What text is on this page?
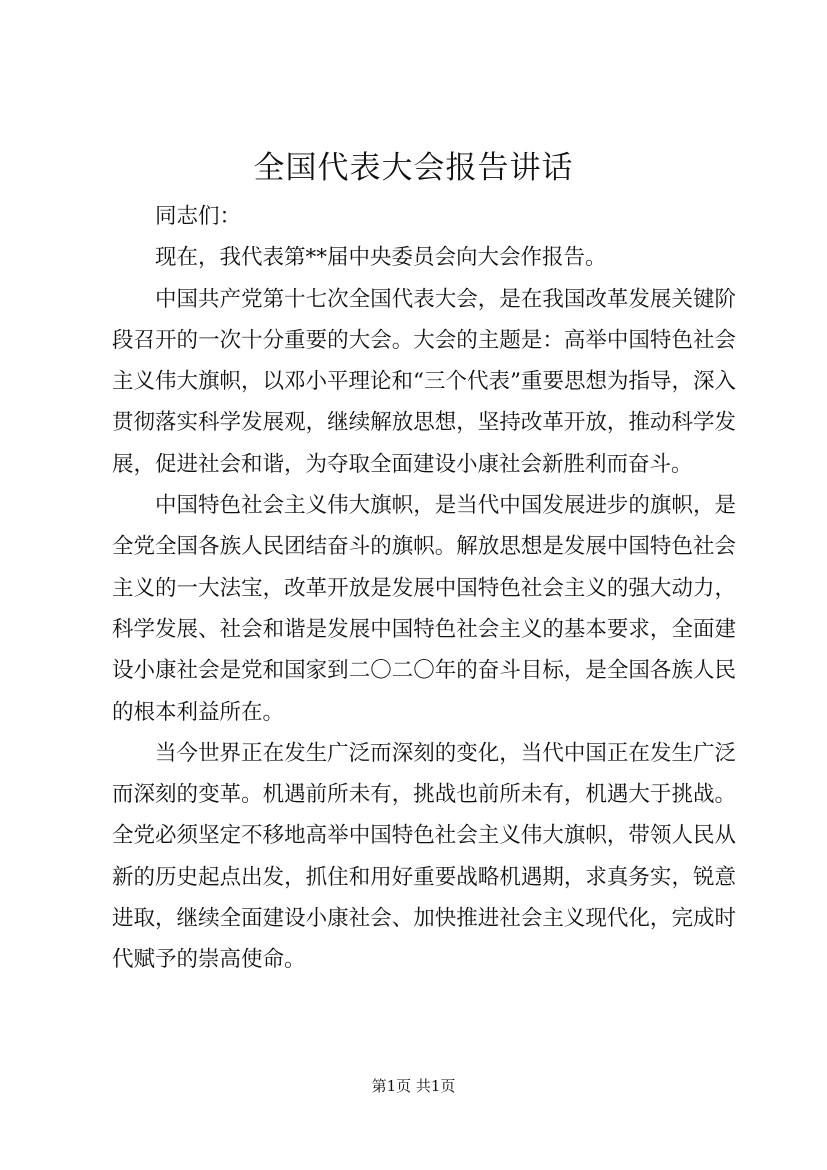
全国代表大会报告讲话

同志们：

现在，我代表第**届中央委员会向大会作报告。

中国共产党第十七次全国代表大会，是在我国改革发展关键阶段召开的一次十分重要的大会。大会的主题是：高举中国特色社会主义伟大旗帜，以邓小平理论和“三个代表”重要思想为指导，深入贯彻落实科学发展观，继续解放思想，坚持改革开放，推动科学发展，促进社会和谐，为夺取全面建设小康社会新胜利而奋斗。

中国特色社会主义伟大旗帜，是当代中国发展进步的旗帜，是全党全国各族人民团结奋斗的旗帜。解放思想是发展中国特色社会主义的一大法宝，改革开放是发展中国特色社会主义的强大动力，科学发展、社会和谐是发展中国特色社会主义的基本要求，全面建设小康社会是党和国家到二〇二〇年的奋斗目标，是全国各族人民的根本利益所在。

当今世界正在发生广泛而深刻的变化，当代中国正在发生广泛而深刻的变革。机遇前所未有，挑战也前所未有，机遇大于挑战。全党必须坚定不移地高举中国特色社会主义伟大旗帜，带领人民从新的历史起点出发，抓住和用好重要战略机遇期，求真务实，锐意进取，继续全面建设小康社会、加快推进社会主义现代化，完成时代赋予的崇高使命。

第1页 共1页
